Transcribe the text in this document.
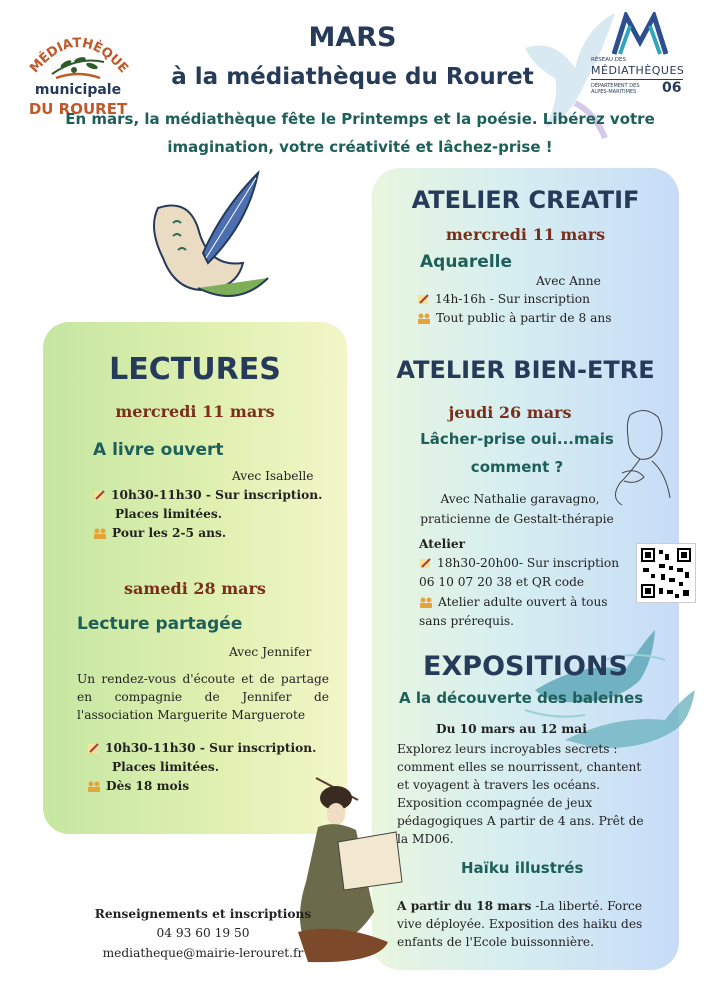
MÉDIATHÈQUE
municipale
DU ROURET
RÉSEAU DES
MÉDIATHÈQUES
DÉPARTEMENT DES ALPES-MARITIMES	06
MARS
à la médiathèque du Rouret
En mars, la médiathèque fête le Printemps et la poésie. Libérez votre
imagination, votre créativité et lâchez-prise !
LECTURES
mercredi 11 mars
A livre ouvert
Avec Isabelle
10h30-11h30 - Sur inscription.
Places limitées.
Pour les 2-5 ans.
samedi 28 mars
Lecture partagée
Avec Jennifer
Un rendez-vous d'écoute et de partage en compagnie de Jennifer de l'association Marguerite Marguerote
10h30-11h30 - Sur inscription.
Places limitées.
Dès 18 mois
ATELIER CREATIF
mercredi 11 mars
Aquarelle
Avec Anne
14h-16h - Sur inscription
Tout public à partir de 8 ans
ATELIER BIEN-ETRE
jeudi 26 mars
Lâcher-prise oui...mais
comment ?
Avec Nathalie garavagno,
praticienne de Gestalt-thérapie
Atelier
18h30-20h00- Sur inscription
06 10 07 20 38 et QR code
Atelier adulte ouvert à tous
sans prérequis.
EXPOSITIONS
A la découverte des baleines
Du 10 mars au 12 mai
Explorez leurs incroyables secrets : comment elles se nourrissent, chantent et voyagent à travers les océans. Exposition ccompagnée de jeux pédagogiques A partir de 4 ans. Prêt de la MD06.
Haïku illustrés
A partir du 18 mars -La liberté. Force vive déployée. Exposition des haiku des enfants de l'Ecole buissonnière.
Renseignements et inscriptions
04 93 60 19 50
mediatheque@mairie-lerouret.fr
